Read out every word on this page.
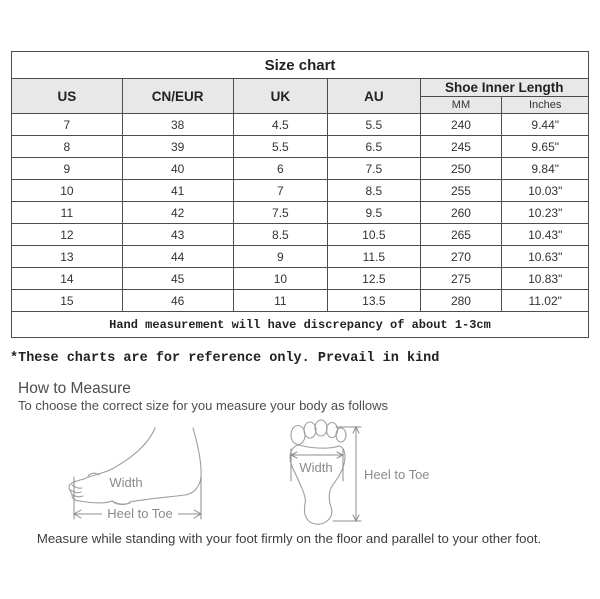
Size chart					
US	CN/EUR	UK	AU	Shoe Inner Length	
				MM	Inches
7	38	4.5	5.5	240	9.44"
8	39	5.5	6.5	245	9.65"
9	40	6	7.5	250	9.84"
10	41	7	8.5	255	10.03"
11	42	7.5	9.5	260	10.23"
12	43	8.5	10.5	265	10.43"
13	44	9	11.5	270	10.63"
14	45	10	12.5	275	10.83"
15	46	11	13.5	280	11.02"
Hand measurement will have discrepancy of about 1-3cm					
*These charts are for reference only. Prevail in kind
How to Measure
To choose the correct size for you measure your body as follows
Width
Heel to Toe
Width Heel to Toe
Measure while standing with your foot firmly on the floor and parallel to your other foot.
